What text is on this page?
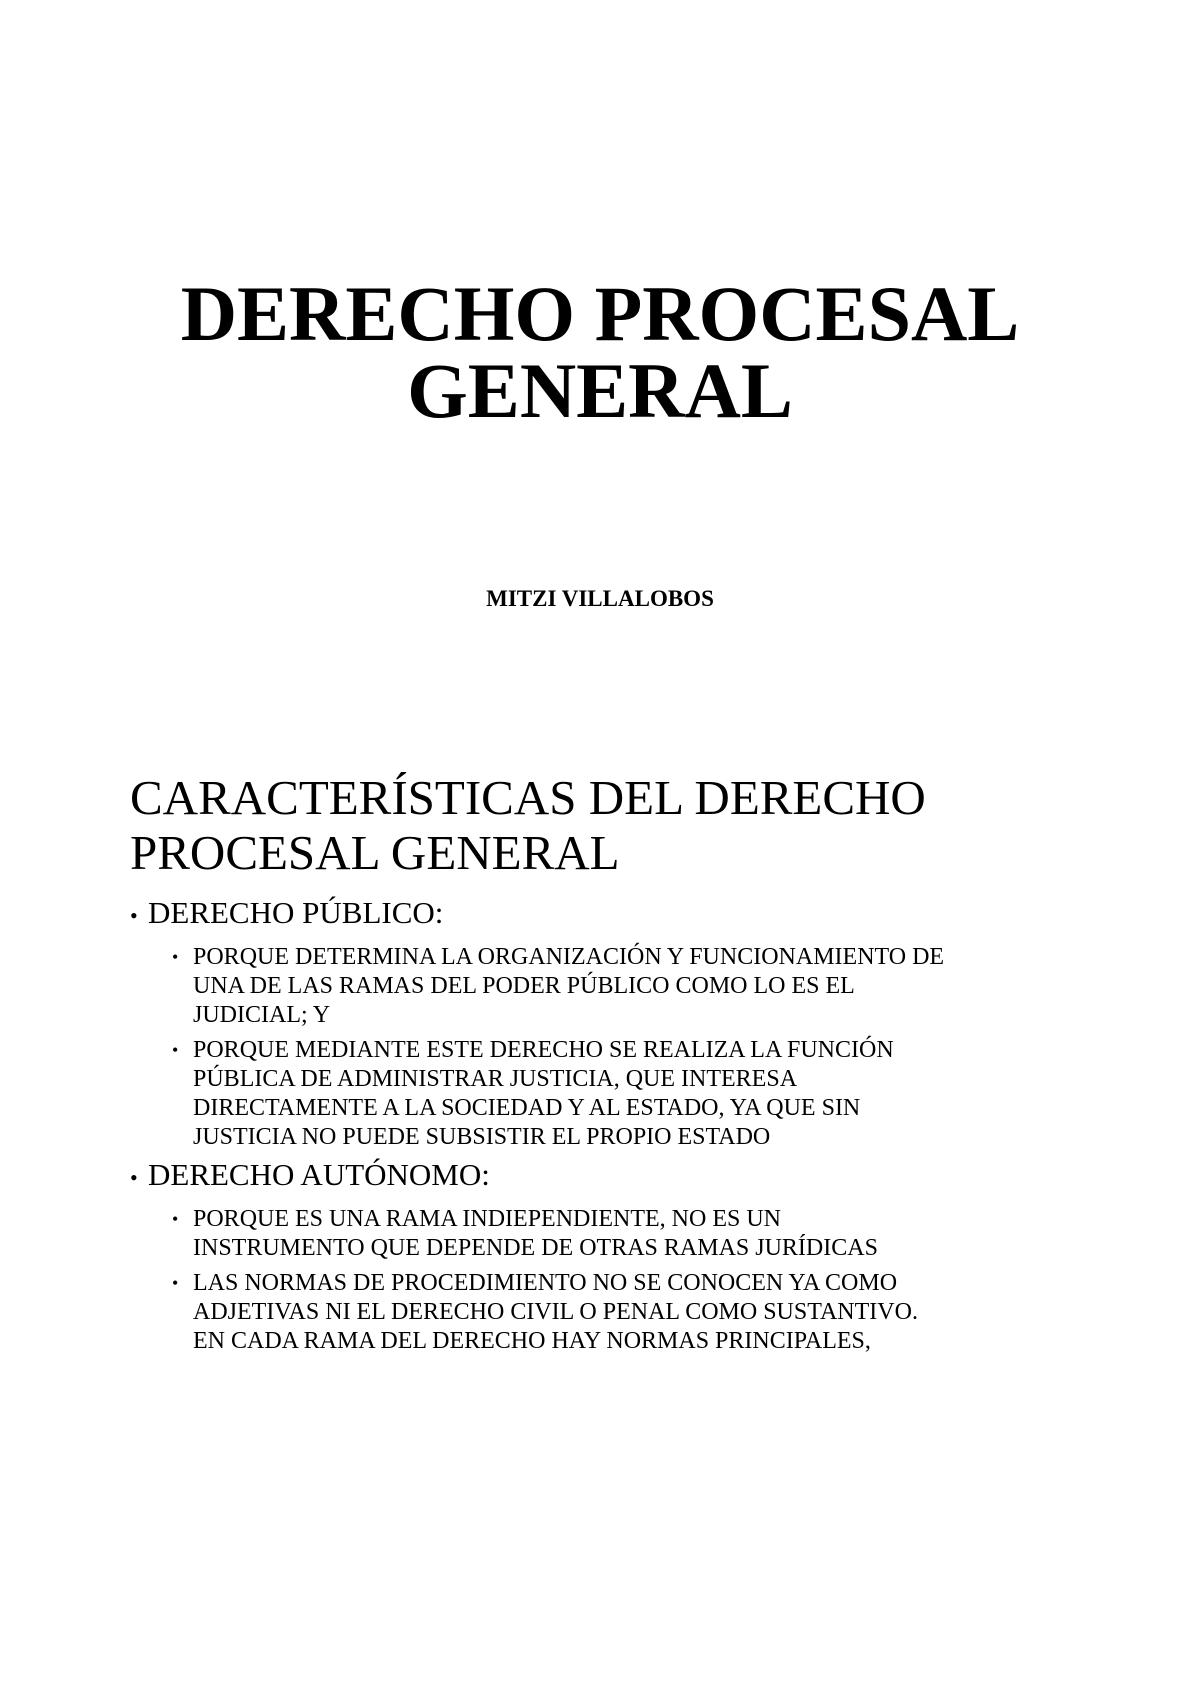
DERECHO PROCESAL
GENERAL
MITZI VILLALOBOS
CARACTERÍSTICAS DEL DERECHO
PROCESAL GENERAL
• DERECHO PÚBLICO:
• PORQUE DETERMINA LA ORGANIZACIÓN Y FUNCIONAMIENTO DE
UNA DE LAS RAMAS DEL PODER PÚBLICO COMO LO ES EL
JUDICIAL; Y
• PORQUE MEDIANTE ESTE DERECHO SE REALIZA LA FUNCIÓN
PÚBLICA DE ADMINISTRAR JUSTICIA, QUE INTERESA
DIRECTAMENTE A LA SOCIEDAD Y AL ESTADO, YA QUE SIN
JUSTICIA NO PUEDE SUBSISTIR EL PROPIO ESTADO
• DERECHO AUTÓNOMO:
• PORQUE ES UNA RAMA INDIEPENDIENTE, NO ES UN
INSTRUMENTO QUE DEPENDE DE OTRAS RAMAS JURÍDICAS
• LAS NORMAS DE PROCEDIMIENTO NO SE CONOCEN YA COMO
ADJETIVAS NI EL DERECHO CIVIL O PENAL COMO SUSTANTIVO.
EN CADA RAMA DEL DERECHO HAY NORMAS PRINCIPALES,
